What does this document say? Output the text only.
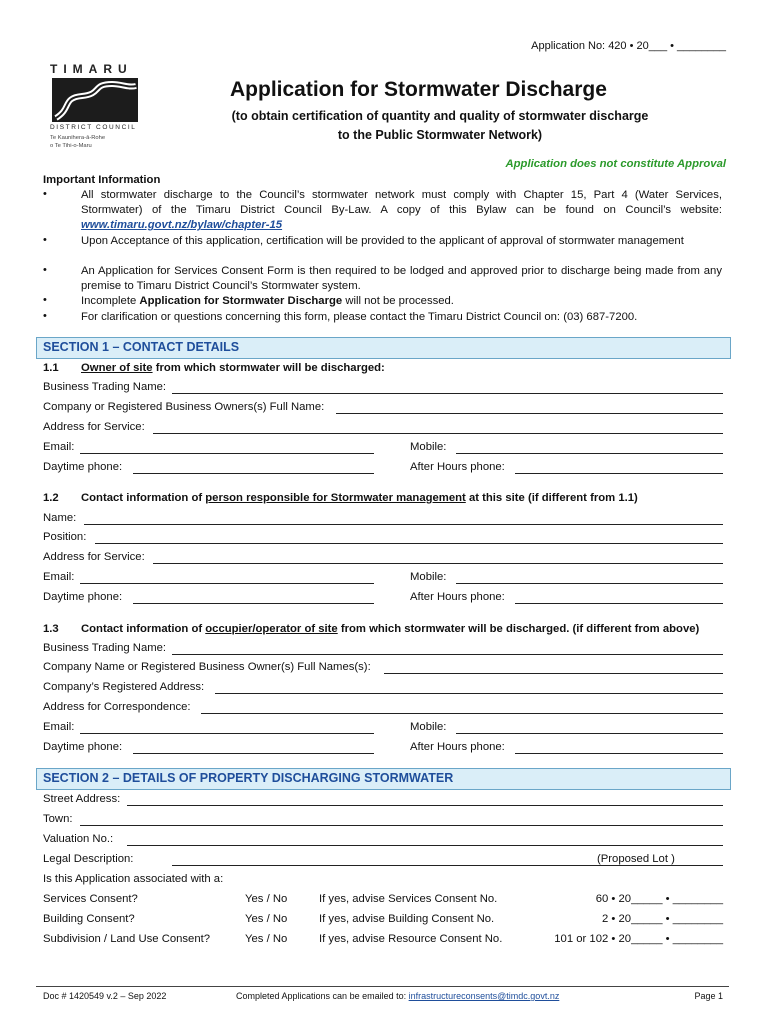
Application No: 420 • 20___ • ________
TIMARU
DISTRICT COUNCIL
Te Kaunihera-ā-Rohe
o Te Tihi-o-Maru
Application for Stormwater Discharge
(to obtain certification of quantity and quality of stormwater discharge
to the Public Stormwater Network)
Application does not constitute Approval
Important Information
•	All stormwater discharge to the Council’s stormwater network must comply with Chapter 15, Part 4 (Water Services, Stormwater) of the Timaru District Council By-Law. A copy of this Bylaw can be found on Council’s website: www.timaru.govt.nz/bylaw/chapter-15
•	Upon Acceptance of this application, certification will be provided to the applicant of approval of stormwater management
•	An Application for Services Consent Form is then required to be lodged and approved prior to discharge being made from any premise to Timaru District Council’s Stormwater system.
•	Incomplete Application for Stormwater Discharge will not be processed.
•	For clarification or questions concerning this form, please contact the Timaru District Council on: (03) 687-7200.
SECTION 1 – CONTACT DETAILS
1.1 Owner of site from which stormwater will be discharged:
Business Trading Name:
Company or Registered Business Owners(s) Full Name:
Address for Service:
Email:	Mobile:
Daytime phone:	After Hours phone:
1.2 Contact information of person responsible for Stormwater management at this site (if different from 1.1)
Name:
Position:
Address for Service:
Email:	Mobile:
Daytime phone:	After Hours phone:
1.3 Contact information of occupier/operator of site from which stormwater will be discharged. (if different from above)
Business Trading Name:
Company Name or Registered Business Owner(s) Full Names(s):
Company’s Registered Address:
Address for Correspondence:
Email:	Mobile:
Daytime phone:	After Hours phone:
SECTION 2 – DETAILS OF PROPERTY DISCHARGING STORMWATER
Street Address:
Town:
Valuation No.:
Legal Description:	(Proposed Lot )
Is this Application associated with a:
Services Consent?	Yes / No	If yes, advise Services Consent No.	60 • 20_____ • ________
Building Consent?	Yes / No	If yes, advise Building Consent No.	2 • 20_____ • ________
Subdivision / Land Use Consent?	Yes / No	If yes, advise Resource Consent No.	101 or 102 • 20_____ • ________
Doc # 1420549 v.2 – Sep 2022	Completed Applications can be emailed to: infrastructureconsents@timdc.govt.nz	Page 1
